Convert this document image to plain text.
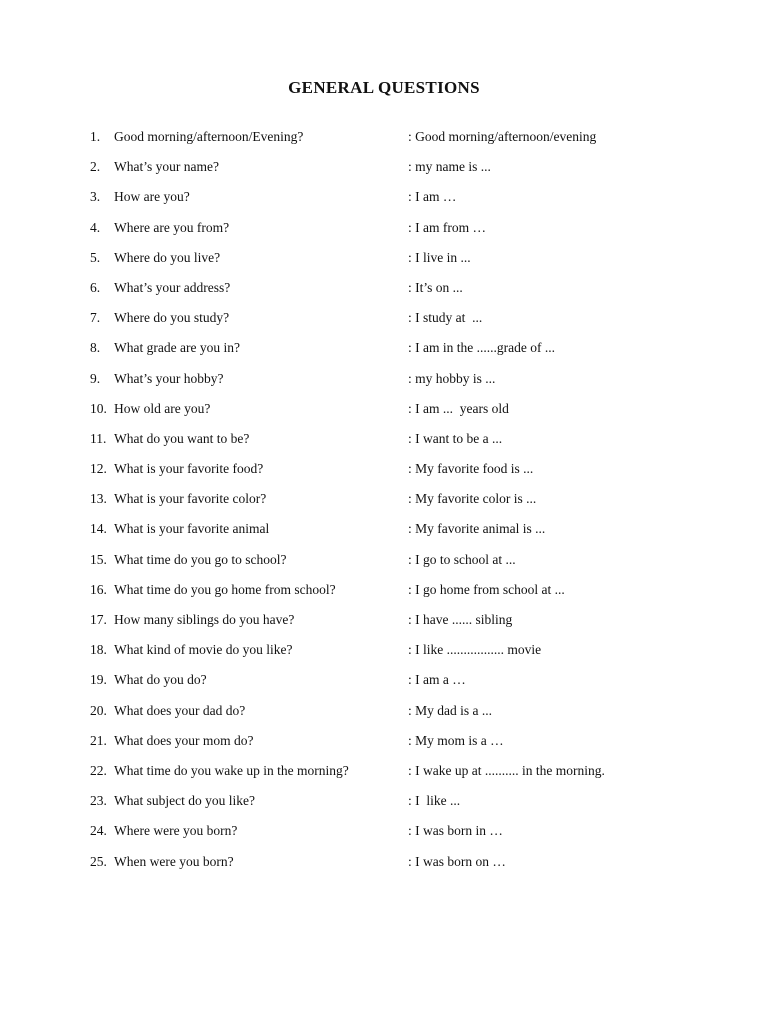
GENERAL QUESTIONS
1.	Good morning/afternoon/Evening?	: Good morning/afternoon/evening
2.	What’s your name?	: my name is ...
3.	How are you?	: I am …
4.	Where are you from?	: I am from …
5.	Where do you live?	: I live in ...
6.	What’s your address?	: It’s on ...
7.	Where do you study?	: I study at  ...
8.	What grade are you in?	: I am in the ......grade of ...
9.	What’s your hobby?	: my hobby is ...
10. How old are you?	: I am ...  years old
11. What do you want to be?	: I want to be a ...
12. What is your favorite food?	: My favorite food is ...
13. What is your favorite color?	: My favorite color is ...
14. What is your favorite animal	: My favorite animal is ...
15. What time do you go to school?	: I go to school at ...
16. What time do you go home from school?	: I go home from school at ...
17. How many siblings do you have?	: I have ...... sibling
18. What kind of movie do you like?	: I like ................. movie
19. What do you do?	: I am a …
20. What does your dad do?	: My dad is a ...
21. What does your mom do?	: My mom is a …
22. What time do you wake up in the morning?	: I wake up at .......... in the morning.
23. What subject do you like?	: I  like ...
24. Where were you born?	: I was born in …
25. When were you born?	: I was born on …
